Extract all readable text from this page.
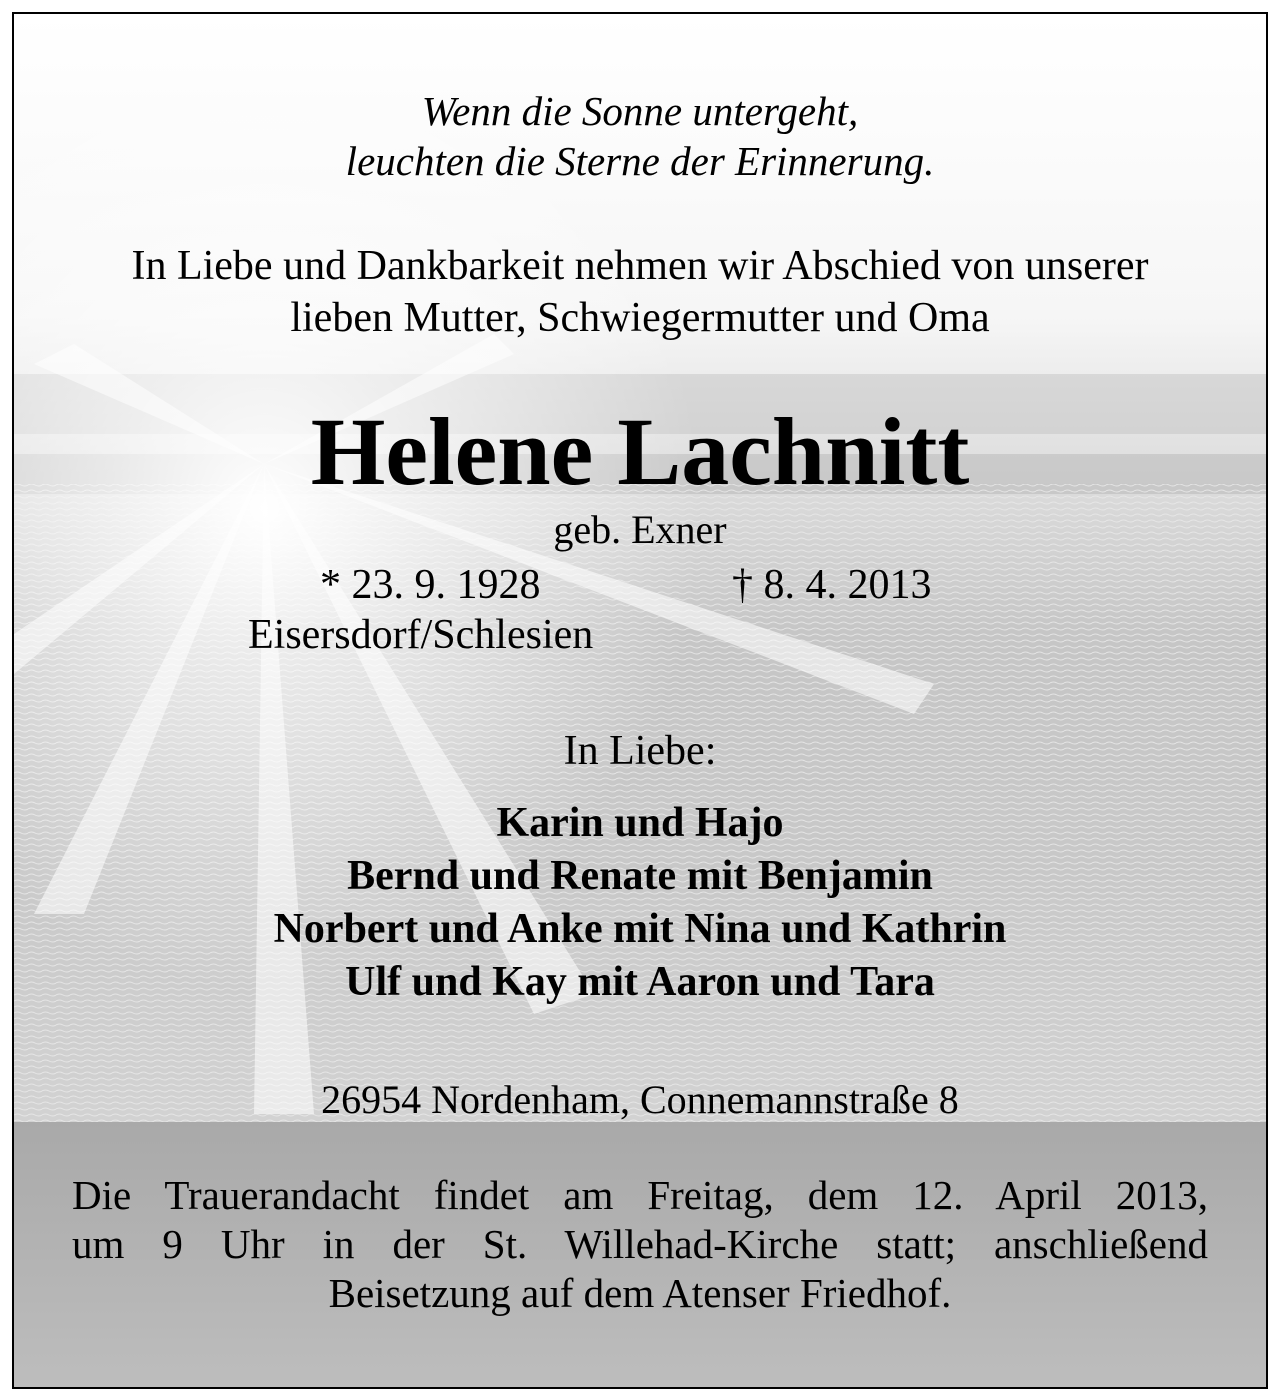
Wenn die Sonne untergeht,
leuchten die Sterne der Erinnerung.
In Liebe und Dankbarkeit nehmen wir Abschied von unserer
lieben Mutter, Schwiegermutter und Oma
Helene Lachnitt
geb. Exner
* 23. 9. 1928	† 8. 4. 2013
Eisersdorf/Schlesien
In Liebe:
Karin und Hajo
Bernd und Renate mit Benjamin
Norbert und Anke mit Nina und Kathrin
Ulf und Kay mit Aaron und Tara
26954 Nordenham, Connemannstraße 8
Die Trauerandacht findet am Freitag, dem 12. April 2013,
um 9 Uhr in der St. Willehad-Kirche statt; anschließend
Beisetzung auf dem Atenser Friedhof.
